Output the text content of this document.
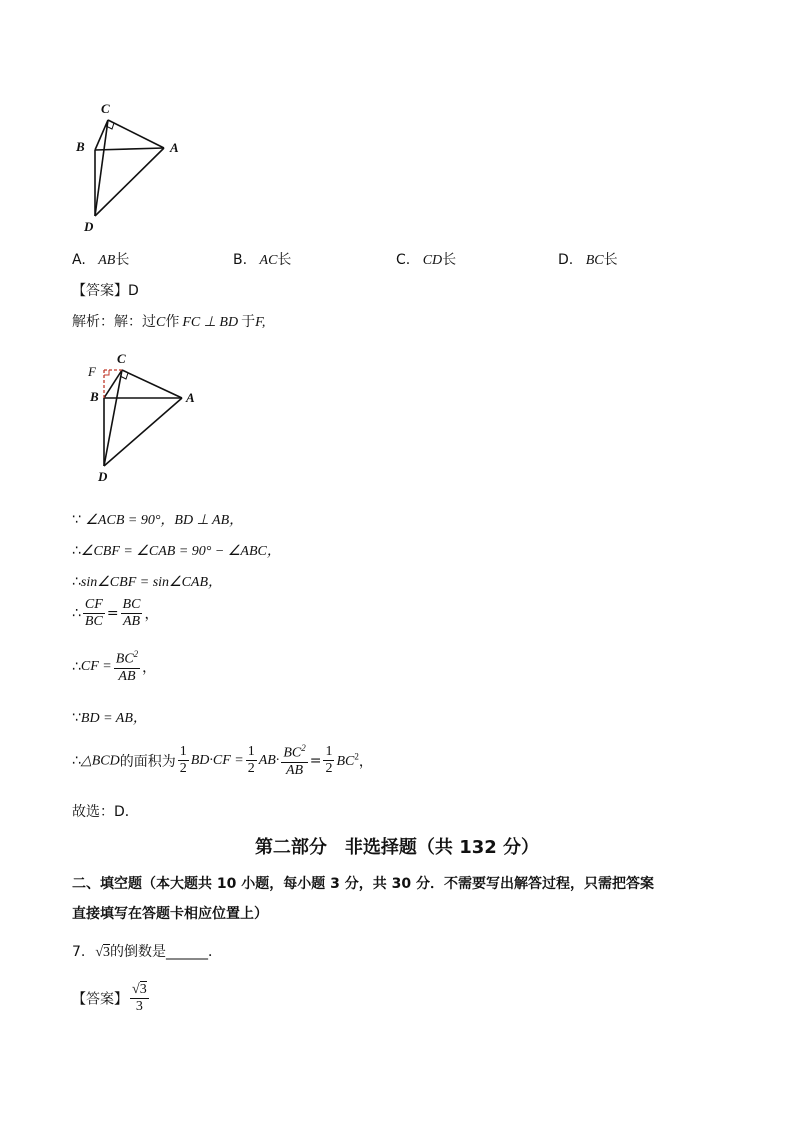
C
B	A
D
A. AB长	B. AC长	C. CD长	D. BC长
【答案】D
解析：解：过C作 FC ⊥ BD 于F,
C
F
B	A
D
∵ ∠ACB = 90°，BD ⊥ AB，
∴∠CBF = ∠CAB = 90° − ∠ABC，
∴sin∠CBF = sin∠CAB，
∴ $\frac{CF}{BC} = \frac{BC}{AB}$ ，
∴CF = $\frac{BC^2}{AB}$ ，
∵BD = AB，
∴△BCD的面积为 $\frac{1}{2} BD\cdot CF = \frac{1}{2} AB\cdot \frac{BC^2}{AB} = \frac{1}{2} BC^2$，
故选：D．
第二部分　非选择题（共 132 分）
二、填空题（本大题共 10 小题，每小题 3 分，共 30 分．不需要写出解答过程，只需把答案
直接填写在答题卡相应位置上）
7. √3的倒数是______．
【答案】 $\frac{√3}{3}$
